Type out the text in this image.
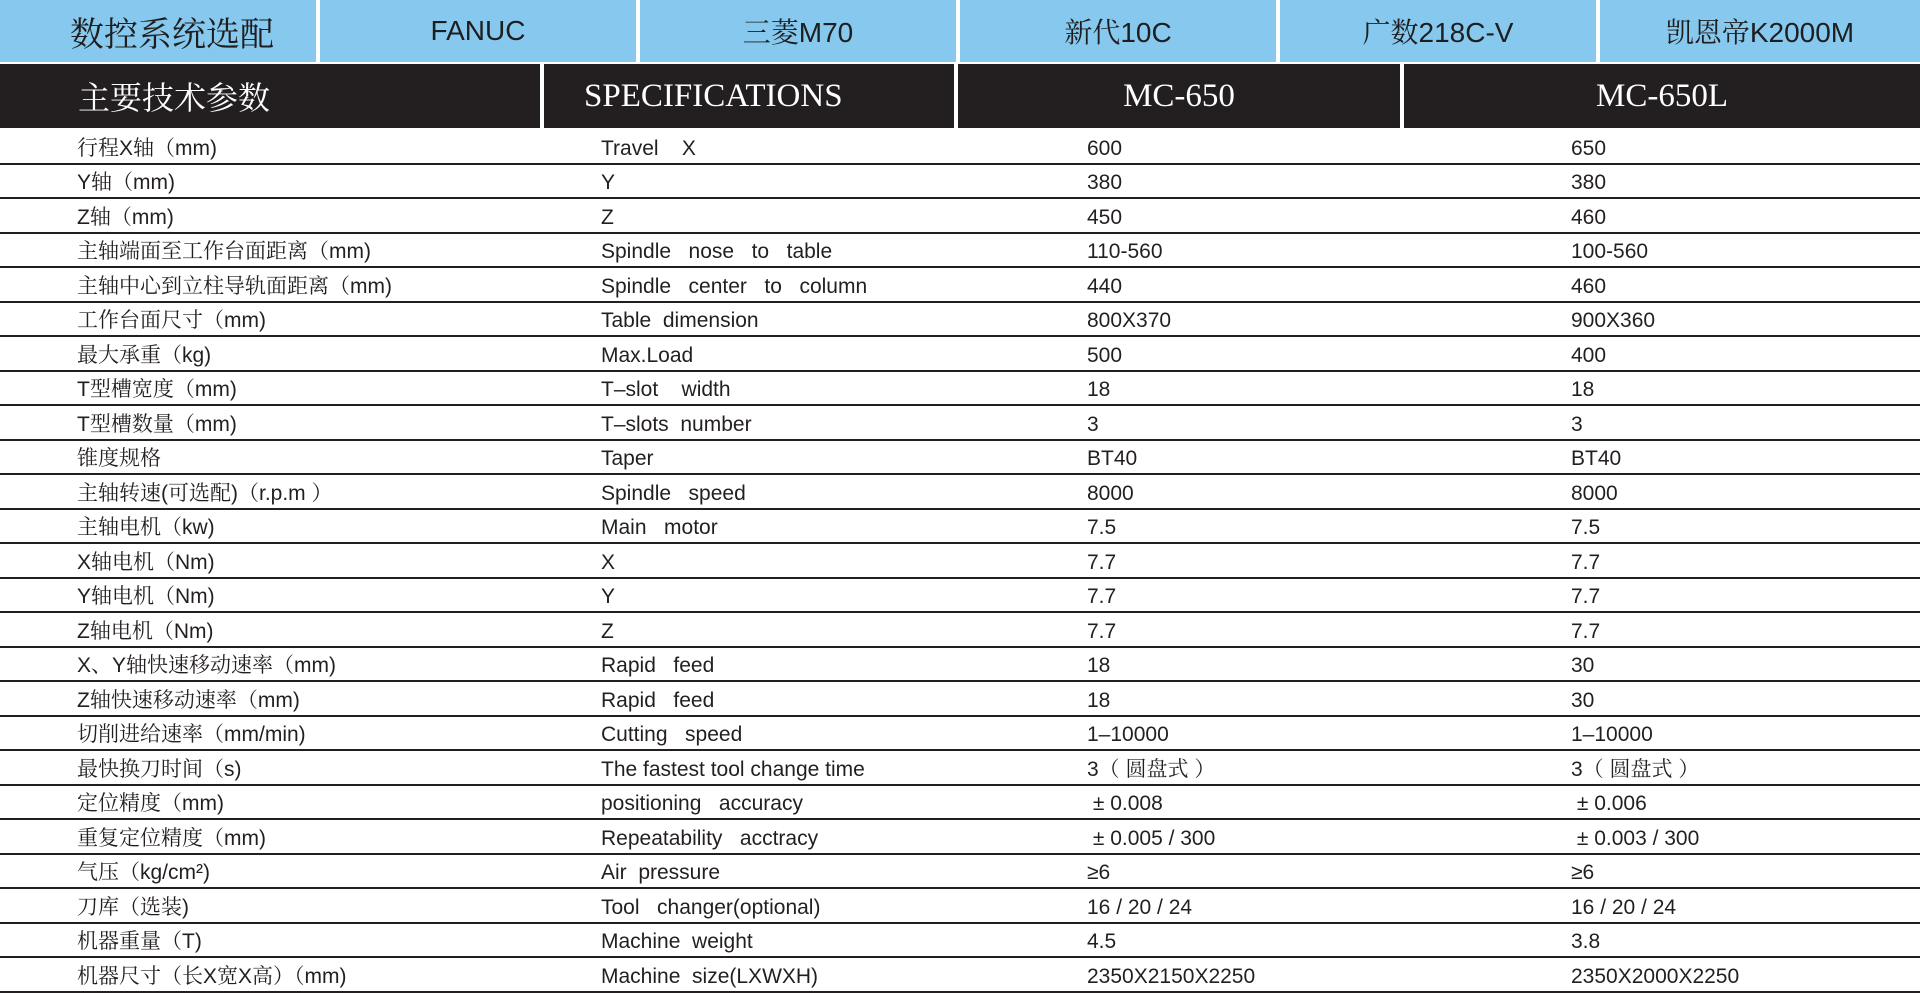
数控系统选配	FANUC	三菱M70	新代10C	广数218C-V	凯恩帝K2000M
主要技术参数	SPECIFICATIONS	MC-650	MC-650L
行程X轴（mm)	Travel    X	600	650
Y轴（mm)	Y	380	380
Z轴（mm)	Z	450	460
主轴端面至工作台面距离（mm)	Spindle   nose   to   table	110-560	100-560
主轴中心到立柱导轨面距离（mm)	Spindle   center   to   column	440	460
工作台面尺寸（mm)	Table  dimension	800X370	900X360
最大承重（kg)	Max.Load	500	400
T型槽宽度（mm)	T–slot    width	18	18
T型槽数量（mm)	T–slots  number	3	3
锥度规格	Taper	BT40	BT40
主轴转速(可选配)（r.p.m ）	Spindle   speed	8000	8000
主轴电机（kw)	Main   motor	7.5	7.5
X轴电机（Nm)	X	7.7	7.7
Y轴电机（Nm)	Y	7.7	7.7
Z轴电机（Nm)	Z	7.7	7.7
X、Y轴快速移动速率（mm)	Rapid   feed	18	30
Z轴快速移动速率（mm)	Rapid   feed	18	30
切削进给速率（mm/min)	Cutting   speed	1–10000	1–10000
最快换刀时间（s)	The fastest tool change time	3（ 圆盘式 ）	3（ 圆盘式 ）
定位精度（mm)	positioning   accuracy	± 0.008	± 0.006
重复定位精度（mm)	Repeatability   acctracy	± 0.005 / 300	± 0.003 / 300
气压（kg/cm²)	Air  pressure	≥6	≥6
刀库（选装)	Tool   changer(optional)	16 / 20 / 24	16 / 20 / 24
机器重量（T)	Machine  weight	4.5	3.8
机器尺寸（长X宽X高）（mm)	Machine  size(LXWXH)	2350X2150X2250	2350X2000X2250
